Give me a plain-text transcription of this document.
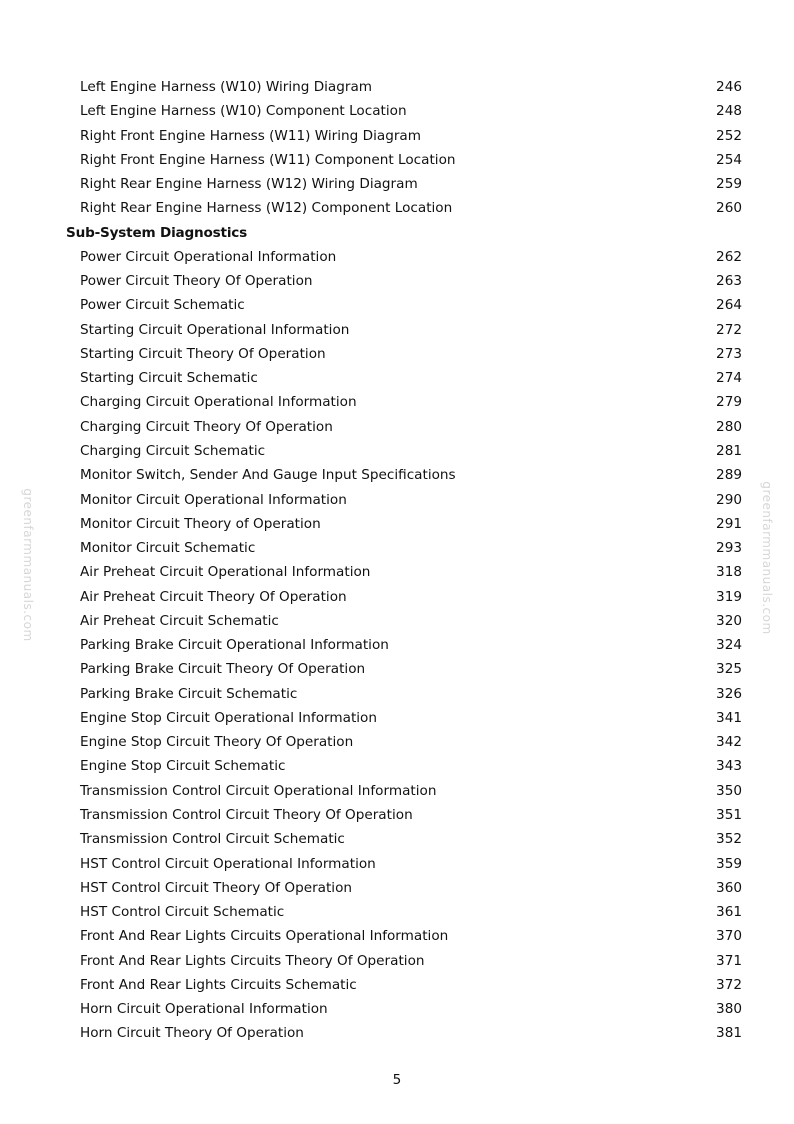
greenfarmmanuals.com	greenfarmmanuals.com
Left Engine Harness (W10) Wiring Diagram	246
Left Engine Harness (W10) Component Location	248
Right Front Engine Harness (W11) Wiring Diagram	252
Right Front Engine Harness (W11) Component Location	254
Right Rear Engine Harness (W12) Wiring Diagram	259
Right Rear Engine Harness (W12) Component Location	260
Sub-System Diagnostics
Power Circuit Operational Information	262
Power Circuit Theory Of Operation	263
Power Circuit Schematic	264
Starting Circuit Operational Information	272
Starting Circuit Theory Of Operation	273
Starting Circuit Schematic	274
Charging Circuit Operational Information	279
Charging Circuit Theory Of Operation	280
Charging Circuit Schematic	281
Monitor Switch, Sender And Gauge Input Specifications	289
Monitor Circuit Operational Information	290
Monitor Circuit Theory of Operation	291
Monitor Circuit Schematic	293
Air Preheat Circuit Operational Information	318
Air Preheat Circuit Theory Of Operation	319
Air Preheat Circuit Schematic	320
Parking Brake Circuit Operational Information	324
Parking Brake Circuit Theory Of Operation	325
Parking Brake Circuit Schematic	326
Engine Stop Circuit Operational Information	341
Engine Stop Circuit Theory Of Operation	342
Engine Stop Circuit Schematic	343
Transmission Control Circuit Operational Information	350
Transmission Control Circuit Theory Of Operation	351
Transmission Control Circuit Schematic	352
HST Control Circuit Operational Information	359
HST Control Circuit Theory Of Operation	360
HST Control Circuit Schematic	361
Front And Rear Lights Circuits Operational Information	370
Front And Rear Lights Circuits Theory Of Operation	371
Front And Rear Lights Circuits Schematic	372
Horn Circuit Operational Information	380
Horn Circuit Theory Of Operation	381
5
